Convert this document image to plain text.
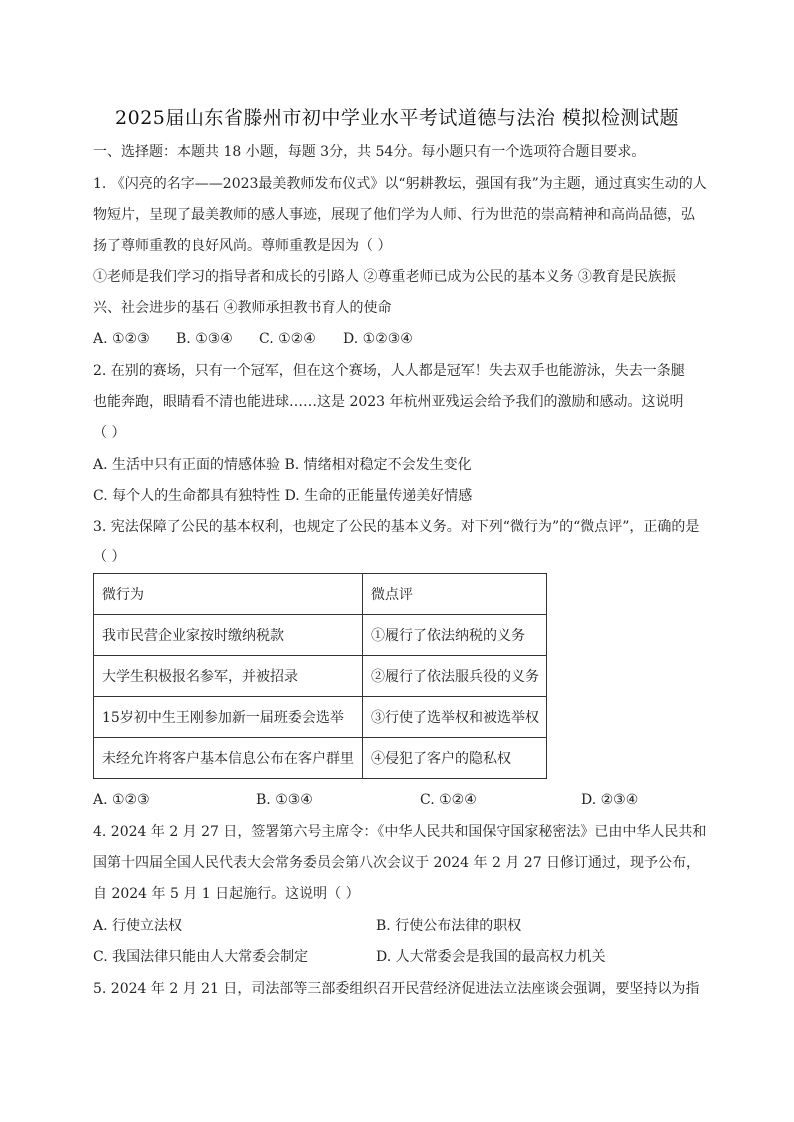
2025届山东省滕州市初中学业水平考试道德与法治 模拟检测试题
一、选择题：本题共 18 小题，每题 3分，共 54分。每小题只有一个选项符合题目要求。
1. 《闪亮的名字——2023最美教师发布仪式》以“躬耕教坛，强国有我”为主题，通过真实生动的人
物短片，呈现了最美教师的感人事迹，展现了他们学为人师、行为世范的崇高精神和高尚品德，弘
扬了尊师重教的良好风尚。尊师重教是因为（ ）
①老师是我们学习的指导者和成长的引路人 ②尊重老师已成为公民的基本义务 ③教育是民族振
兴、社会进步的基石 ④教师承担教书育人的使命
A. ①②③ B. ①③④ C. ①②④ D. ①②③④
2. 在别的赛场，只有一个冠军，但在这个赛场，人人都是冠军！失去双手也能游泳，失去一条腿
也能奔跑，眼睛看不清也能进球……这是 2023 年杭州亚残运会给予我们的激励和感动。这说明
（ ）
A. 生活中只有正面的情感体验 B. 情绪相对稳定不会发生变化
C. 每个人的生命都具有独特性 D. 生命的正能量传递美好情感
3. 宪法保障了公民的基本权利，也规定了公民的基本义务。对下列“微行为”的“微点评”，正确的是
（ ）
微行为	微点评
我市民营企业家按时缴纳税款	①履行了依法纳税的义务
大学生积极报名参军，并被招录	②履行了依法服兵役的义务
15岁初中生王刚参加新一届班委会选举	③行使了选举权和被选举权
未经允许将客户基本信息公布在客户群里	④侵犯了客户的隐私权
A. ①②③	B. ①③④	C. ①②④	D. ②③④
4. 2024 年 2 月 27 日，签署第六号主席令：《中华人民共和国保守国家秘密法》已由中华人民共和
国第十四届全国人民代表大会常务委员会第八次会议于 2024 年 2 月 27 日修订通过，现予公布，
自 2024 年 5 月 1 日起施行。这说明（ ）
A. 行使立法权	B. 行使公布法律的职权
C. 我国法律只能由人大常委会制定	D. 人大常委会是我国的最高权力机关
5. 2024 年 2 月 21 日，司法部等三部委组织召开民营经济促进法立法座谈会强调，要坚持以为指
